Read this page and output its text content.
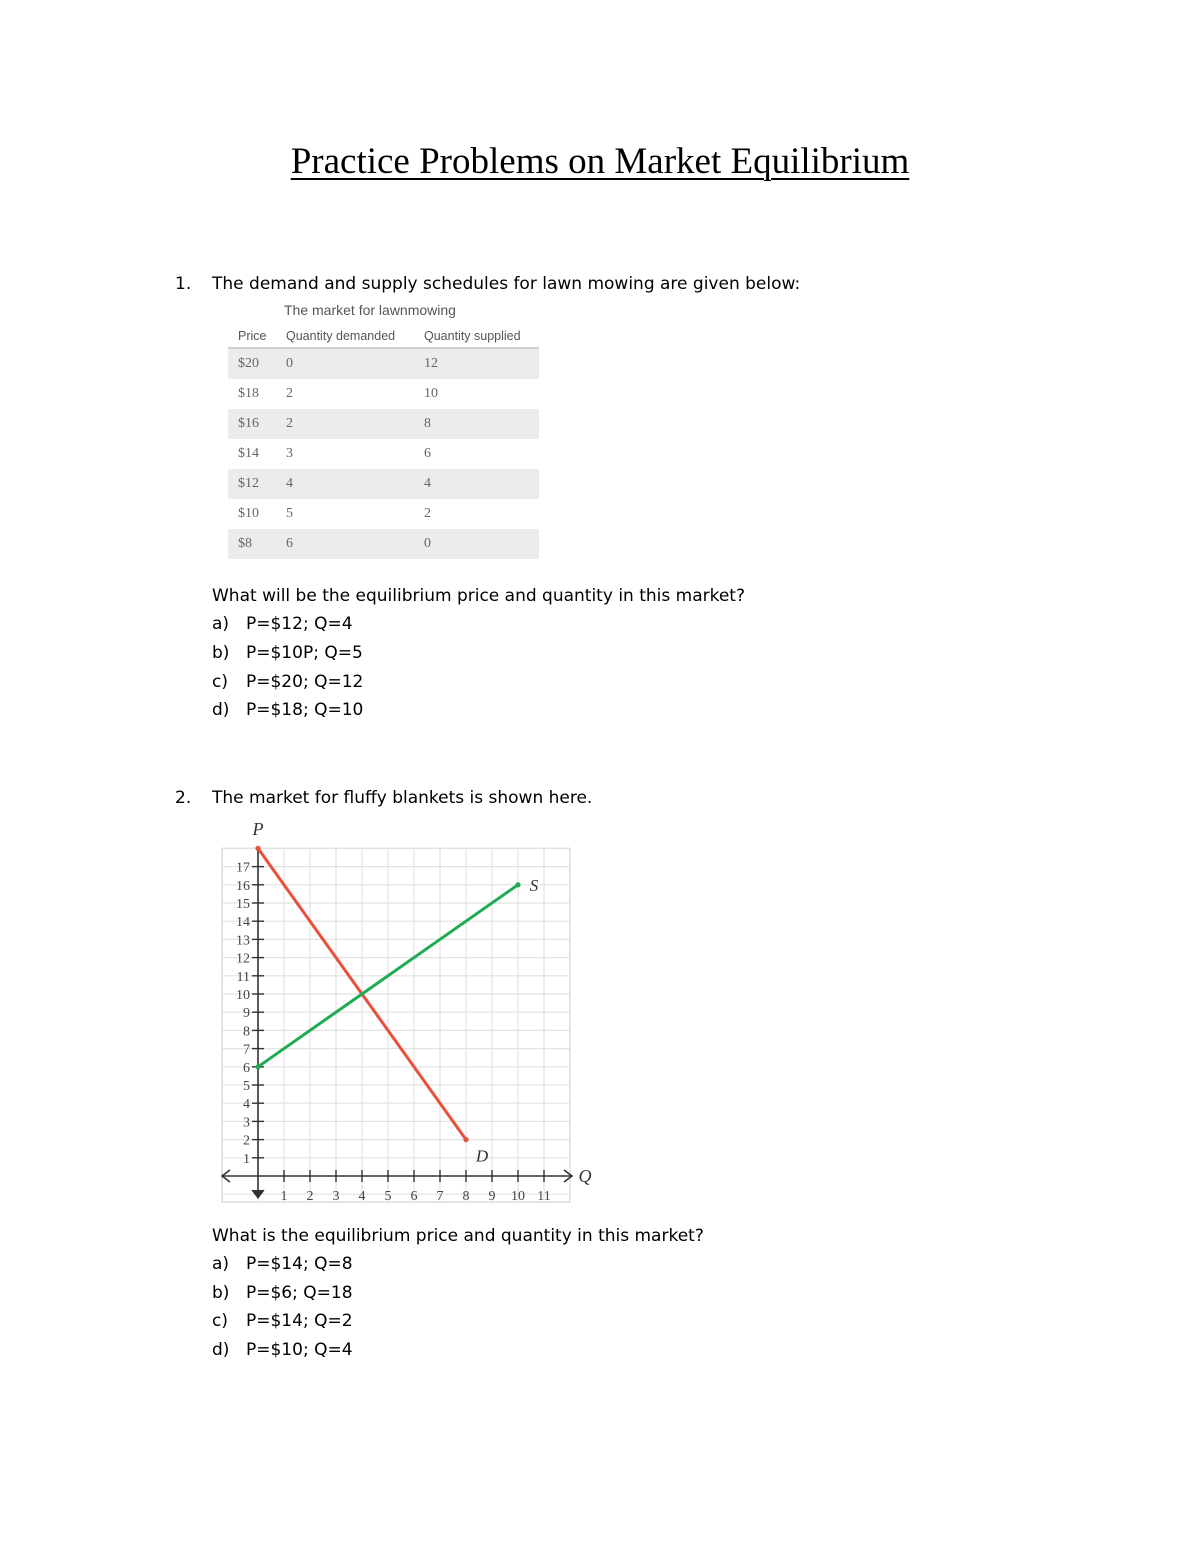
Practice Problems on Market Equilibrium
1. The demand and supply schedules for lawn mowing are given below:
The market for lawnmowing
Price	Quantity demanded	Quantity supplied
$20	0	12
$18	2	10
$16	2	8
$14	3	6
$12	4	4
$10	5	2
$8	6	0
What will be the equilibrium price and quantity in this market?
a) P=$12; Q=4
b) P=$10P; Q=5
c) P=$20; Q=12
d) P=$18; Q=10
2. The market for fluffy blankets is shown here.
1 2 3 4 5 6 7 8 9 10 11
1
2
3
4
5
6
7
8
9
10
11
12
13
14
15
16
17
D
S
P
Q
What is the equilibrium price and quantity in this market?
a) P=$14; Q=8
b) P=$6; Q=18
c) P=$14; Q=2
d) P=$10; Q=4
